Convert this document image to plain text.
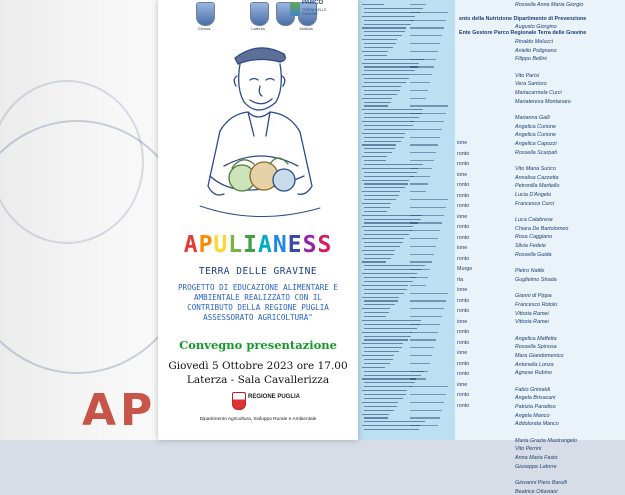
AP
Rossella Anna Maria Giorgio
ento della Nutrizione Dipartimento di Prevenzione
Augusto Giorgino
Ente Gestore Parco Regionale Terra delle Gravine
Rinaldo Melucci
Aniello Polignano
Filippo Bellini
Vito Parisi
Vera Santoro
Mariacarmela Curci
Mariateresa Montanaro
Marianna Galli
Angelica Curione
Angelica Curione
Angelica Capozzi
Rossella Scarpati
Vito Maria Surico
Annalisa Cazzetta
Petronilla Martiello
Lucia D'Angelo
Francesca Curci
Luca Calabrese
Chiara De Bartolomeo
Rosa Caggiano
Silvia Fedele
Rossella Guida
Pietro Natile
Guglielmo Strada
Gianni di Pippa
Francesco Rotolo
Vittoria Ramei
Vittoria Ramei
Angelica Maffetta
Rossella Spinosa
Mara Giandomenico
Antonella Lonza
Agnese Rubino
Fabio Grimaldi
Angela Brisacani
Patrizia Paradiso
Angela Manco
Addolorata Manco
Maria Grazia Mastrangelo
Vito Perrini
Anna Maria Fasto
Giuseppe Latorre
Giovanni Piero Barulli
Beatrice Ottaviani
ione
ronto
ronto
ione
ronto
ronto
ronto
ione
ronto
ronto
ione
ronto
Murge
rta
ione
ronto
ronto
ione
ronto
ronto
ione
ronto
ronto
ione
ronto
ronto
Ginosa	Laterza	Mottola
PARCO
TERRA DELLE GRAVINE
APULIANESS
TERRA DELLE GRAVINE
PROGETTO DI EDUCAZIONE ALIMENTARE E AMBIENTALE REALIZZATO CON IL CONTRIBUTO DELLA REGIONE PUGLIA ASSESSORATO AGRICOLTURA"
Convegno presentazione
Giovedì 5 Ottobre 2023 ore 17.00
Laterza - Sala Cavallerizza
REGIONE PUGLIA
Dipartimento Agricoltura, Sviluppo Rurale e Ambientale
